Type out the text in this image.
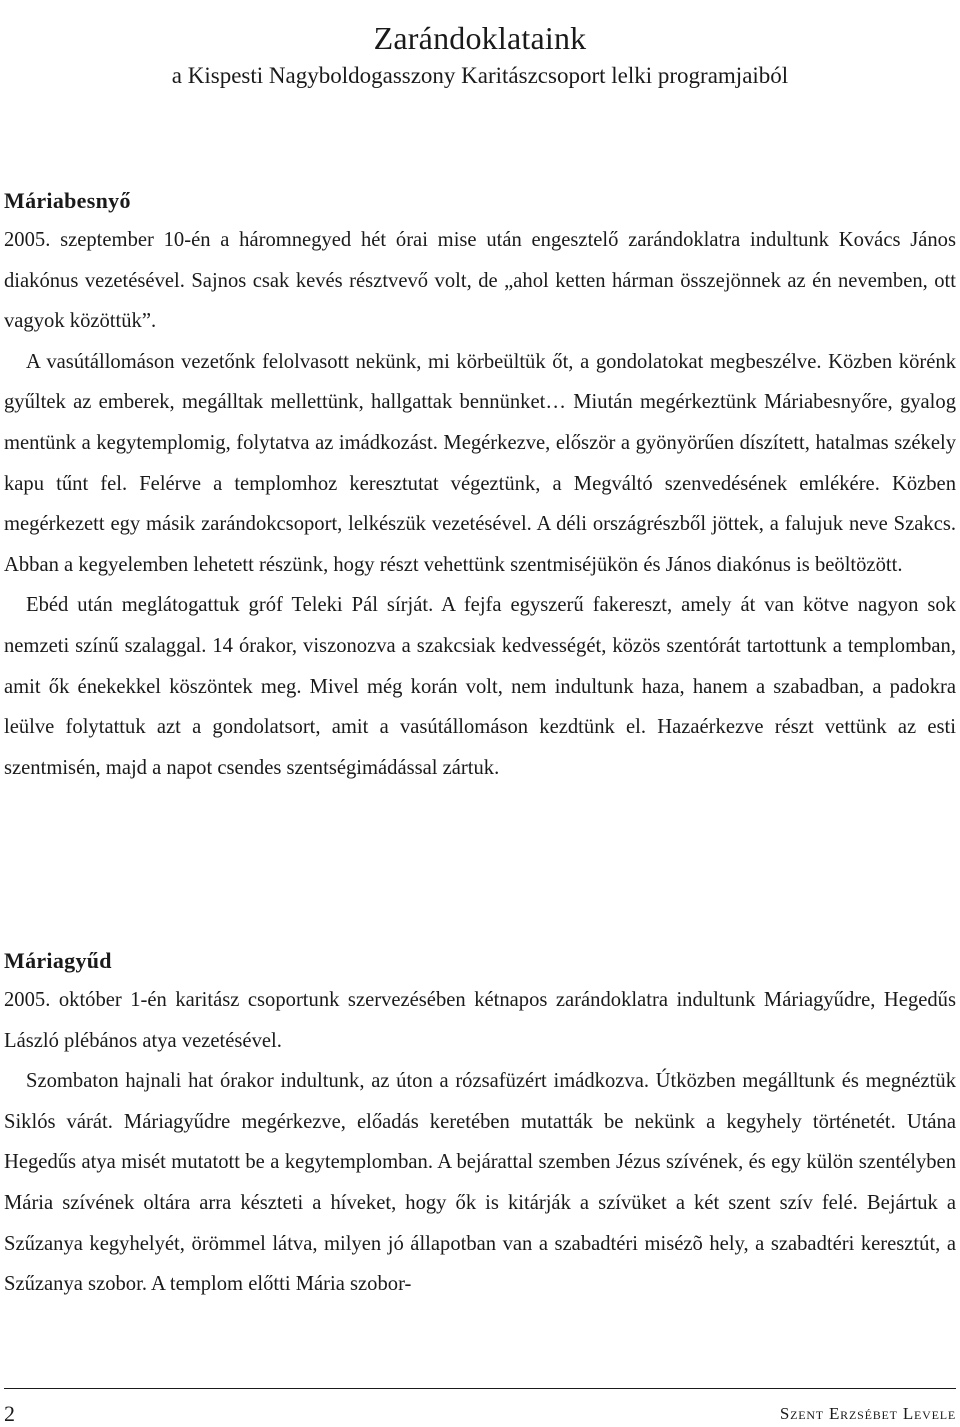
Zarándoklataink

a Kispesti Nagyboldogasszony Karitászcsoport lelki programjaiból

Máriabesnyő

2005. szeptember 10-én a háromnegyed hét órai mise után engesztelő zarándoklatra indultunk Kovács János diakónus vezetésével. Sajnos csak kevés résztvevő volt, de „ahol ketten hárman összejönnek az én nevemben, ott vagyok közöttük”.

A vasútállomáson vezetőnk felolvasott nekünk, mi körbeültük őt, a gondolatokat megbeszélve. Közben körénk gyűltek az emberek, megálltak mellettünk, hallgattak bennünket… Miután megérkeztünk Máriabesnyőre, gyalog mentünk a kegytemplomig, folytatva az imádkozást. Megérkezve, először a gyönyörűen díszített, hatalmas székely kapu tűnt fel. Felérve a templomhoz keresztutat végeztünk, a Megváltó szenvedésének emlékére. Közben megérkezett egy másik zarándokcsoport, lelkészük vezetésével. A déli országrészből jöttek, a falujuk neve Szakcs. Abban a kegyelemben lehetett részünk, hogy részt vehettünk szentmiséjükön és János diakónus is beöltözött.

Ebéd után meglátogattuk gróf Teleki Pál sírját. A fejfa egyszerű fakereszt, amely át van kötve nagyon sok nemzeti színű szalaggal. 14 órakor, viszonozva a szakcsiak kedvességét, közös szentórát tartottunk a templomban, amit ők énekekkel köszöntek meg. Mivel még korán volt, nem indultunk haza, hanem a szabadban, a padokra leülve folytattuk azt a gondolatsort, amit a vasútállomáson kezdtünk el. Hazaérkezve részt vettünk az esti szentmisén, majd a napot csendes szentségimádással zártuk.

Máriagyűd

2005. október 1-én karitász csoportunk szervezésében kétnapos zarándoklatra indultunk Máriagyűdre, Hegedűs László plébános atya vezetésével.

Szombaton hajnali hat órakor indultunk, az úton a rózsafüzért imádkozva. Útközben megálltunk és megnéztük Siklós várát. Máriagyűdre megérkezve, előadás keretében mutatták be nekünk a kegyhely történetét. Utána Hegedűs atya misét mutatott be a kegytemplomban. A bejárattal szemben Jézus szívének, és egy külön szentélyben Mária szívének oltára arra készteti a híveket, hogy ők is kitárják a szívüket a két szent szív felé. Bejártuk a Szűzanya kegyhelyét, örömmel látva, milyen jó állapotban van a szabadtéri misézõ hely, a szabadtéri keresztút, a Szűzanya szobor. A templom előtti Mária szobor-

2	Szent Erzsébet Levele
